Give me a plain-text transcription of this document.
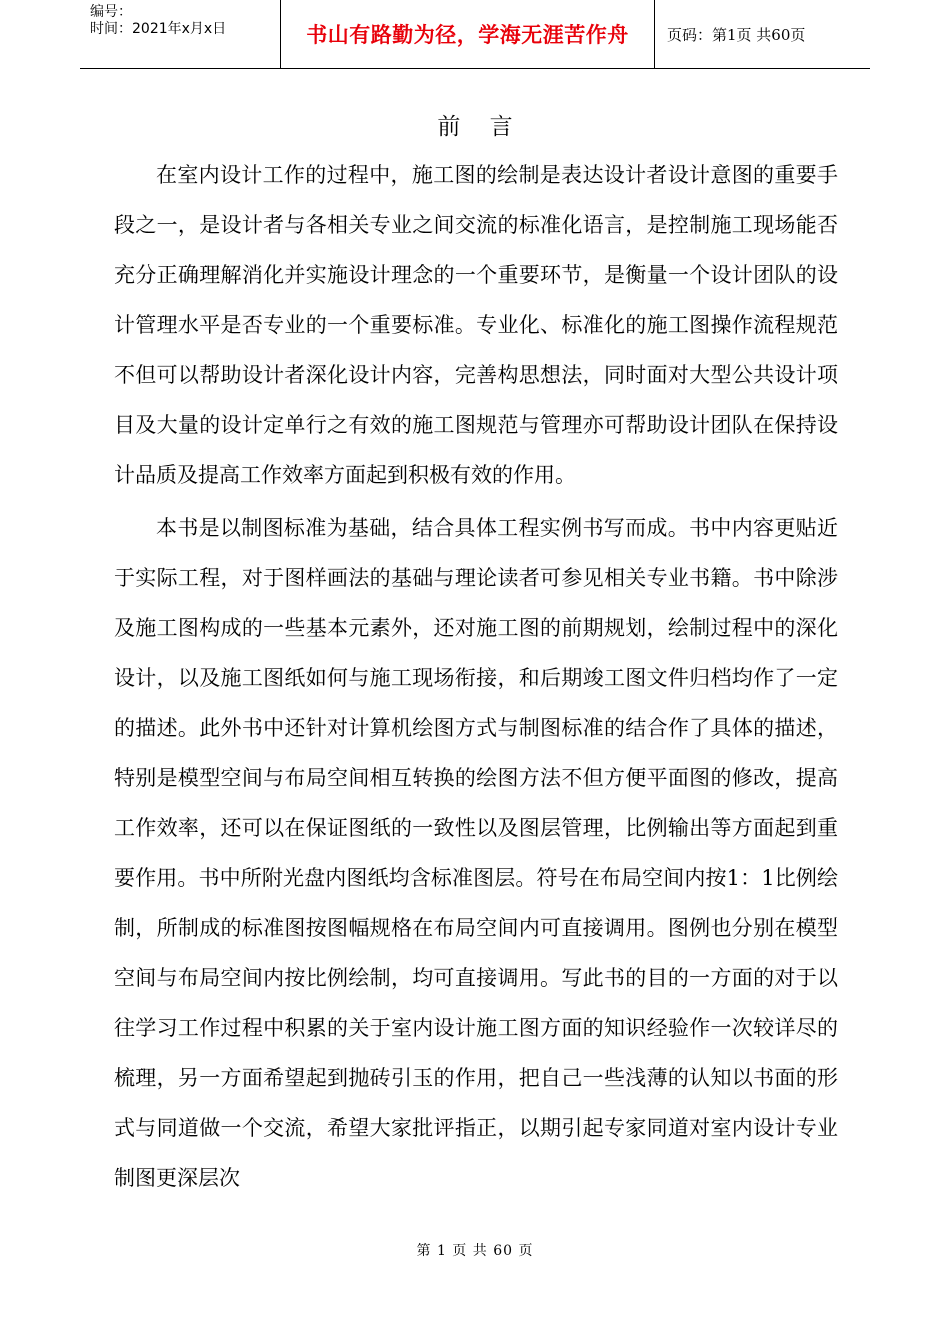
编号：
时间：2021年x月x日	书山有路勤为径，学海无涯苦作舟	页码：第1页 共60页
前    言

在室内设计工作的过程中，施工图的绘制是表达设计者设计意图的重要手段之一，是设计者与各相关专业之间交流的标准化语言，是控制施工现场能否充分正确理解消化并实施设计理念的一个重要环节，是衡量一个设计团队的设计管理水平是否专业的一个重要标准。专业化、标准化的施工图操作流程规范不但可以帮助设计者深化设计内容，完善构思想法，同时面对大型公共设计项目及大量的设计定单行之有效的施工图规范与管理亦可帮助设计团队在保持设计品质及提高工作效率方面起到积极有效的作用。

本书是以制图标准为基础，结合具体工程实例书写而成。书中内容更贴近于实际工程，对于图样画法的基础与理论读者可参见相关专业书籍。书中除涉及施工图构成的一些基本元素外，还对施工图的前期规划，绘制过程中的深化设计，以及施工图纸如何与施工现场衔接，和后期竣工图文件归档均作了一定的描述。此外书中还针对计算机绘图方式与制图标准的结合作了具体的描述，特别是模型空间与布局空间相互转换的绘图方法不但方便平面图的修改，提高工作效率，还可以在保证图纸的一致性以及图层管理，比例输出等方面起到重要作用。书中所附光盘内图纸均含标准图层。符号在布局空间内按1：1比例绘制，所制成的标准图按图幅规格在布局空间内可直接调用。图例也分别在模型空间与布局空间内按比例绘制，均可直接调用。写此书的目的一方面的对于以往学习工作过程中积累的关于室内设计施工图方面的知识经验作一次较详尽的梳理，另一方面希望起到抛砖引玉的作用，把自己一些浅薄的认知以书面的形式与同道做一个交流，希望大家批评指正，以期引起专家同道对室内设计专业制图更深层次

第 1 页 共 60 页
